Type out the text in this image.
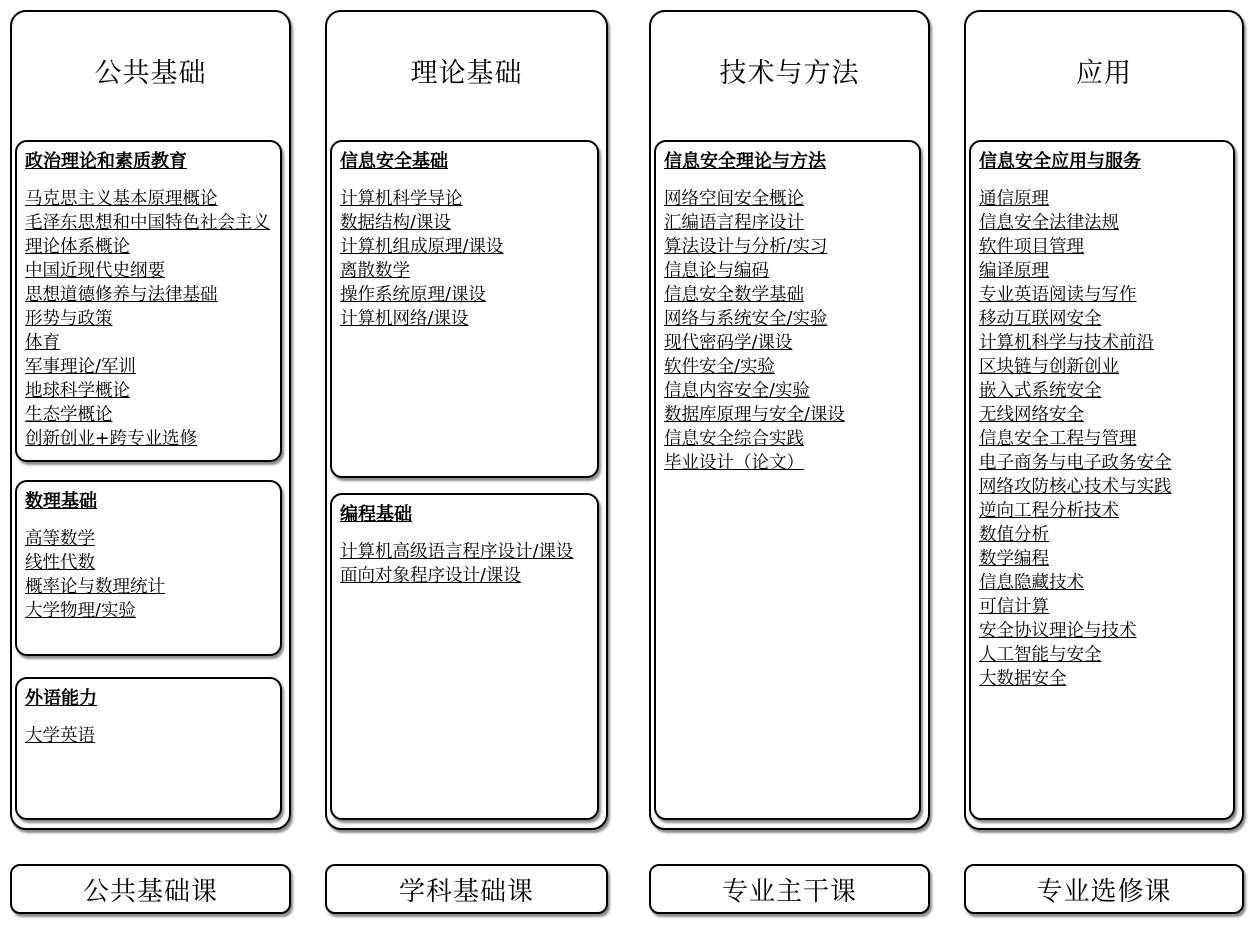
公共基础
政治理论和素质教育
马克思主义基本原理概论
毛泽东思想和中国特色社会主义理论体系概论
中国近现代史纲要
思想道德修养与法律基础
形势与政策
体育
军事理论/军训
地球科学概论
生态学概论
创新创业+跨专业选修
数理基础
高等数学
线性代数
概率论与数理统计
大学物理/实验
外语能力
大学英语
理论基础
信息安全基础
计算机科学导论
数据结构/课设
计算机组成原理/课设
离散数学
操作系统原理/课设
计算机网络/课设
编程基础
计算机高级语言程序设计/课设
面向对象程序设计/课设
技术与方法
信息安全理论与方法
网络空间安全概论
汇编语言程序设计
算法设计与分析/实习
信息论与编码
信息安全数学基础
网络与系统安全/实验
现代密码学/课设
软件安全/实验
信息内容安全/实验
数据库原理与安全/课设
信息安全综合实践
毕业设计（论文）
应用
信息安全应用与服务
通信原理
信息安全法律法规
软件项目管理
编译原理
专业英语阅读与写作
移动互联网安全
计算机科学与技术前沿
区块链与创新创业
嵌入式系统安全
无线网络安全
信息安全工程与管理
电子商务与电子政务安全
网络攻防核心技术与实践
逆向工程分析技术
数值分析
数学编程
信息隐藏技术
可信计算
安全协议理论与技术
人工智能与安全
大数据安全
公共基础课	学科基础课	专业主干课	专业选修课
